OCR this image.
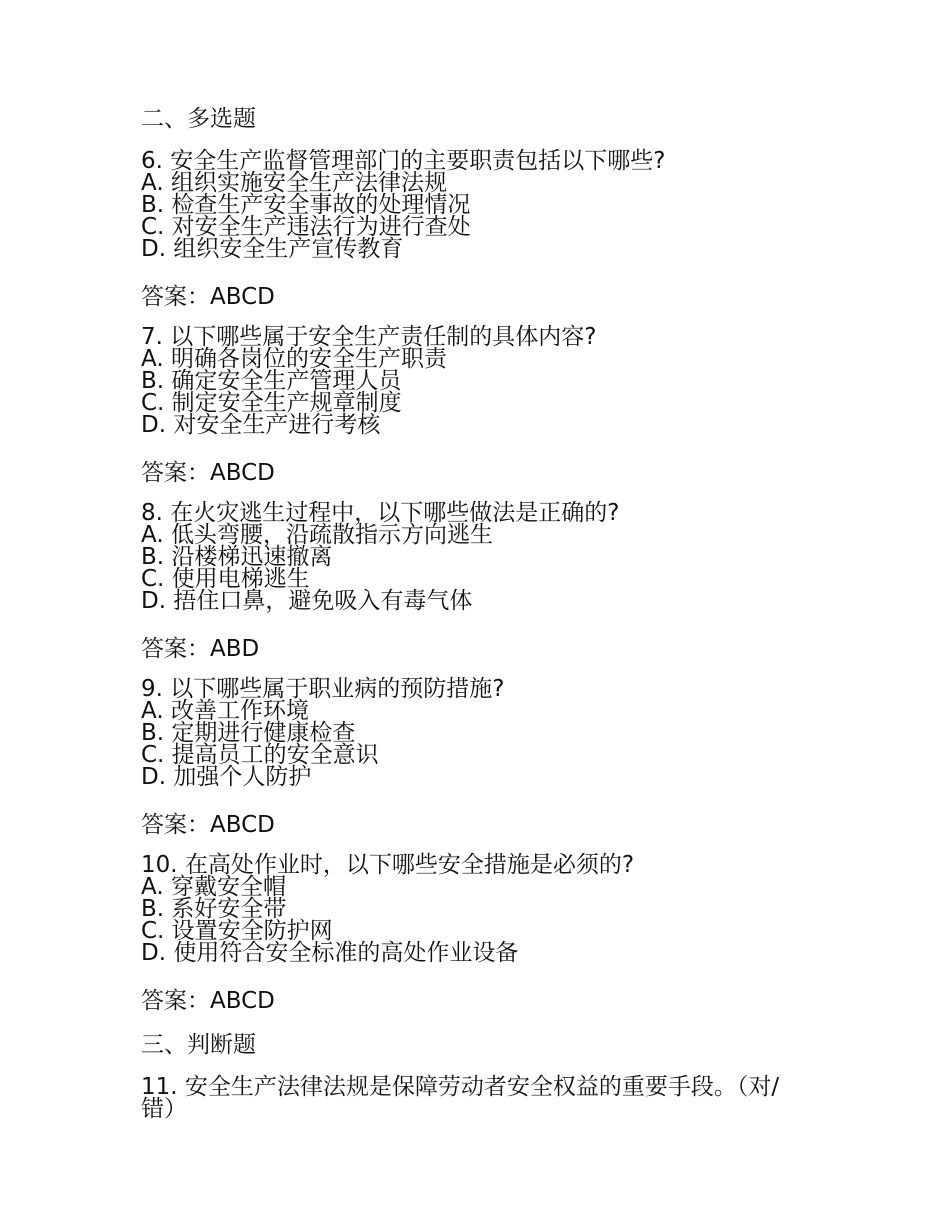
二、多选题
6. 安全生产监督管理部门的主要职责包括以下哪些?
A. 组织实施安全生产法律法规
B. 检查生产安全事故的处理情况
C. 对安全生产违法行为进行查处
D. 组织安全生产宣传教育
答案：ABCD
7. 以下哪些属于安全生产责任制的具体内容?
A. 明确各岗位的安全生产职责
B. 确定安全生产管理人员
C. 制定安全生产规章制度
D. 对安全生产进行考核
答案：ABCD
8. 在火灾逃生过程中，以下哪些做法是正确的?
A. 低头弯腰，沿疏散指示方向逃生
B. 沿楼梯迅速撤离
C. 使用电梯逃生
D. 捂住口鼻，避免吸入有毒气体
答案：ABD
9. 以下哪些属于职业病的预防措施?
A. 改善工作环境
B. 定期进行健康检查
C. 提高员工的安全意识
D. 加强个人防护
答案：ABCD
10. 在高处作业时，以下哪些安全措施是必须的?
A. 穿戴安全帽
B. 系好安全带
C. 设置安全防护网
D. 使用符合安全标准的高处作业设备
答案：ABCD
三、判断题
11. 安全生产法律法规是保障劳动者安全权益的重要手段。（对/错）
